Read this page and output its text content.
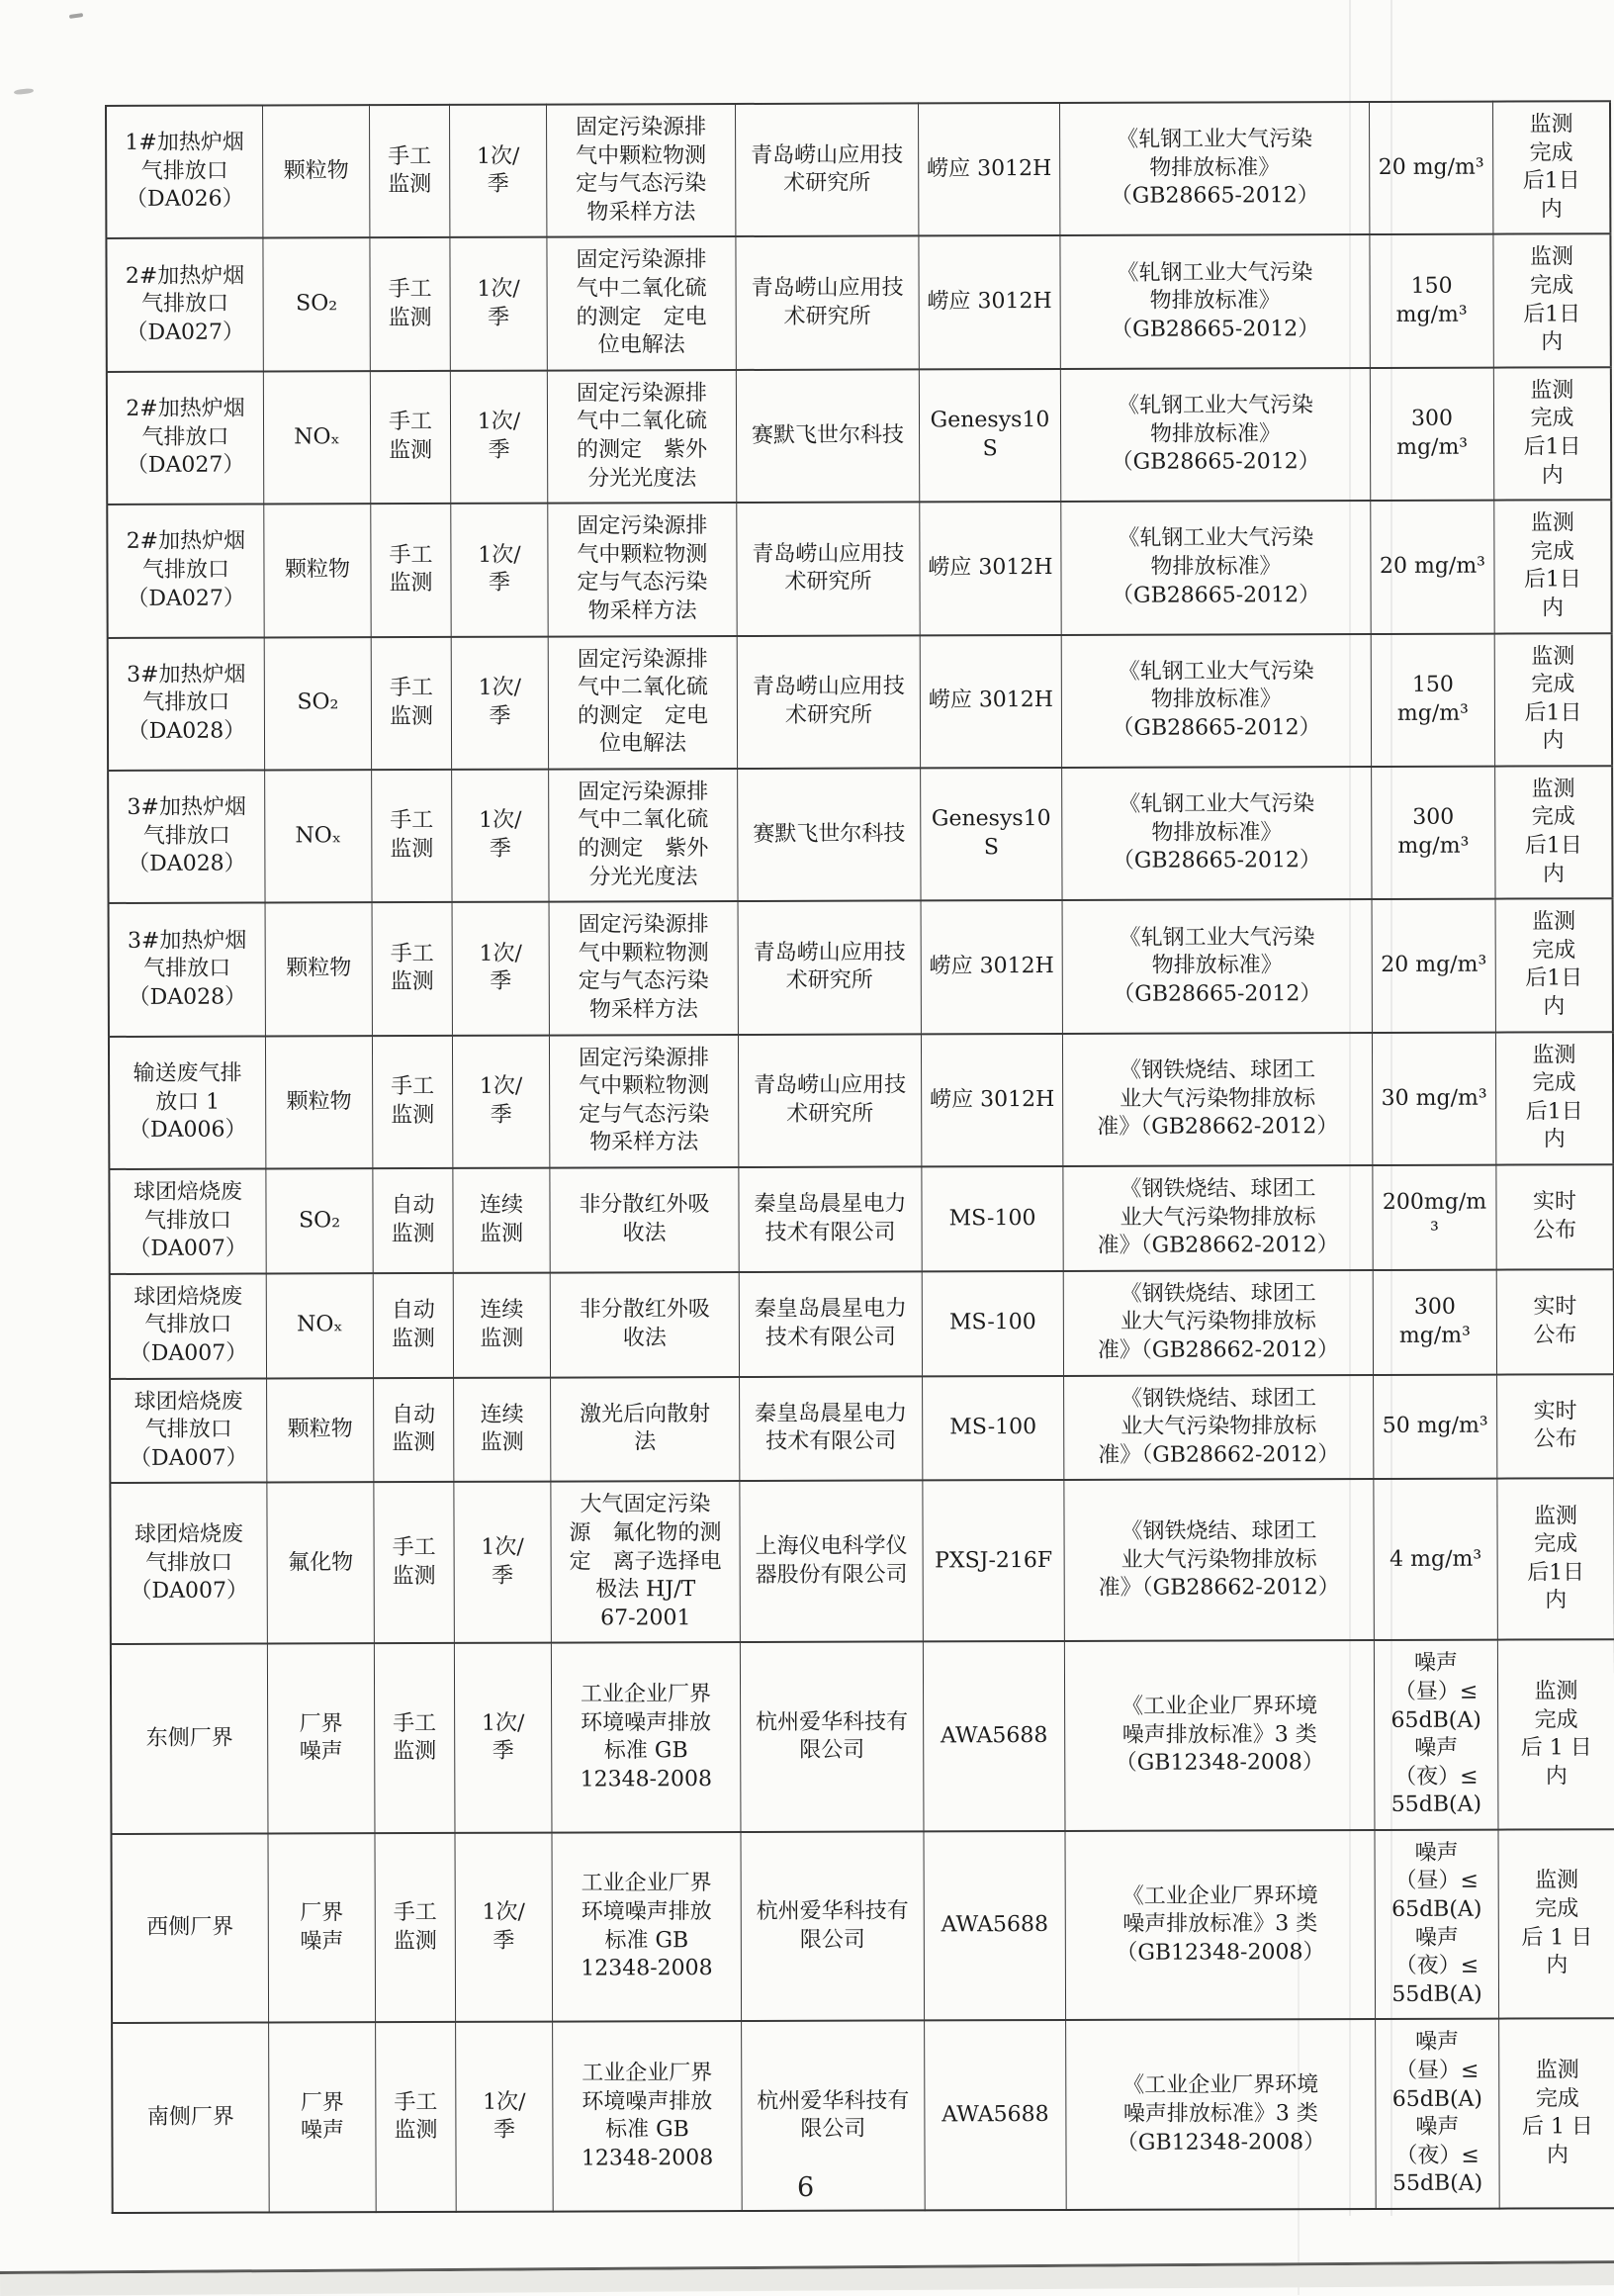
1#加热炉烟
气排放口
（DA026）	颗粒物	手工
监测	1次/
季	固定污染源排
气中颗粒物测
定与气态污染
物采样方法	青岛崂山应用技
术研究所	崂应 3012H	《轧钢工业大气污染
物排放标准》
（GB28665-2012）	20 mg/m³	监测
完成
后1日
内
2#加热炉烟
气排放口
（DA027）	SO₂	手工
监测	1次/
季	固定污染源排
气中二氧化硫
的测定　定电
位电解法	青岛崂山应用技
术研究所	崂应 3012H	《轧钢工业大气污染
物排放标准》
（GB28665-2012）	150
mg/m³	监测
完成
后1日
内
2#加热炉烟
气排放口
（DA027）	NOₓ	手工
监测	1次/
季	固定污染源排
气中二氧化硫
的测定　紫外
分光光度法	赛默飞世尔科技	Genesys10S	《轧钢工业大气污染
物排放标准》
（GB28665-2012）	300
mg/m³	监测
完成
后1日
内
2#加热炉烟
气排放口
（DA027）	颗粒物	手工
监测	1次/
季	固定污染源排
气中颗粒物测
定与气态污染
物采样方法	青岛崂山应用技
术研究所	崂应 3012H	《轧钢工业大气污染
物排放标准》
（GB28665-2012）	20 mg/m³	监测
完成
后1日
内
3#加热炉烟
气排放口
（DA028）	SO₂	手工
监测	1次/
季	固定污染源排
气中二氧化硫
的测定　定电
位电解法	青岛崂山应用技
术研究所	崂应 3012H	《轧钢工业大气污染
物排放标准》
（GB28665-2012）	150
mg/m³	监测
完成
后1日
内
3#加热炉烟
气排放口
（DA028）	NOₓ	手工
监测	1次/
季	固定污染源排
气中二氧化硫
的测定　紫外
分光光度法	赛默飞世尔科技	Genesys10S	《轧钢工业大气污染
物排放标准》
（GB28665-2012）	300
mg/m³	监测
完成
后1日
内
3#加热炉烟
气排放口
（DA028）	颗粒物	手工
监测	1次/
季	固定污染源排
气中颗粒物测
定与气态污染
物采样方法	青岛崂山应用技
术研究所	崂应 3012H	《轧钢工业大气污染
物排放标准》
（GB28665-2012）	20 mg/m³	监测
完成
后1日
内
输送废气排
放口 1
（DA006）	颗粒物	手工
监测	1次/
季	固定污染源排
气中颗粒物测
定与气态污染
物采样方法	青岛崂山应用技
术研究所	崂应 3012H	《钢铁烧结、球团工
业大气污染物排放标
准》（GB28662-2012）	30 mg/m³	监测
完成
后1日
内
球团焙烧废
气排放口
（DA007）	SO₂	自动
监测	连续
监测	非分散红外吸
收法	秦皇岛晨星电力
技术有限公司	MS-100	《钢铁烧结、球团工
业大气污染物排放标
准》（GB28662-2012）	200mg/m
³	实时
公布
球团焙烧废
气排放口
（DA007）	NOₓ	自动
监测	连续
监测	非分散红外吸
收法	秦皇岛晨星电力
技术有限公司	MS-100	《钢铁烧结、球团工
业大气污染物排放标
准》（GB28662-2012）	300
mg/m³	实时
公布
球团焙烧废
气排放口
（DA007）	颗粒物	自动
监测	连续
监测	激光后向散射
法	秦皇岛晨星电力
技术有限公司	MS-100	《钢铁烧结、球团工
业大气污染物排放标
准》（GB28662-2012）	50 mg/m³	实时
公布
球团焙烧废
气排放口
（DA007）	氟化物	手工
监测	1次/
季	大气固定污染
源　氟化物的测
定　离子选择电
极法 HJ/T
67-2001	上海仪电科学仪
器股份有限公司	PXSJ-216F	《钢铁烧结、球团工
业大气污染物排放标
准》（GB28662-2012）	4 mg/m³	监测
完成
后1日
内
东侧厂界	厂界
噪声	手工
监测	1次/
季	工业企业厂界
环境噪声排放
标准 GB
12348-2008	杭州爱华科技有
限公司	AWA5688	《工业企业厂界环境
噪声排放标准》3 类
（GB12348-2008）	噪声
（昼）≤
65dB(A)
噪声
（夜）≤
55dB(A)	监测
完成
后 1 日
内
西侧厂界	厂界
噪声	手工
监测	1次/
季	工业企业厂界
环境噪声排放
标准 GB
12348-2008	杭州爱华科技有
限公司	AWA5688	《工业企业厂界环境
噪声排放标准》3 类
（GB12348-2008）	噪声
（昼）≤
65dB(A)
噪声
（夜）≤
55dB(A)	监测
完成
后 1 日
内
南侧厂界	厂界
噪声	手工
监测	1次/
季	工业企业厂界
环境噪声排放
标准 GB
12348-2008	杭州爱华科技有
限公司	AWA5688	《工业企业厂界环境
噪声排放标准》3 类
（GB12348-2008）	噪声
（昼）≤
65dB(A)
噪声
（夜）≤
55dB(A)	监测
完成
后 1 日
内
6
